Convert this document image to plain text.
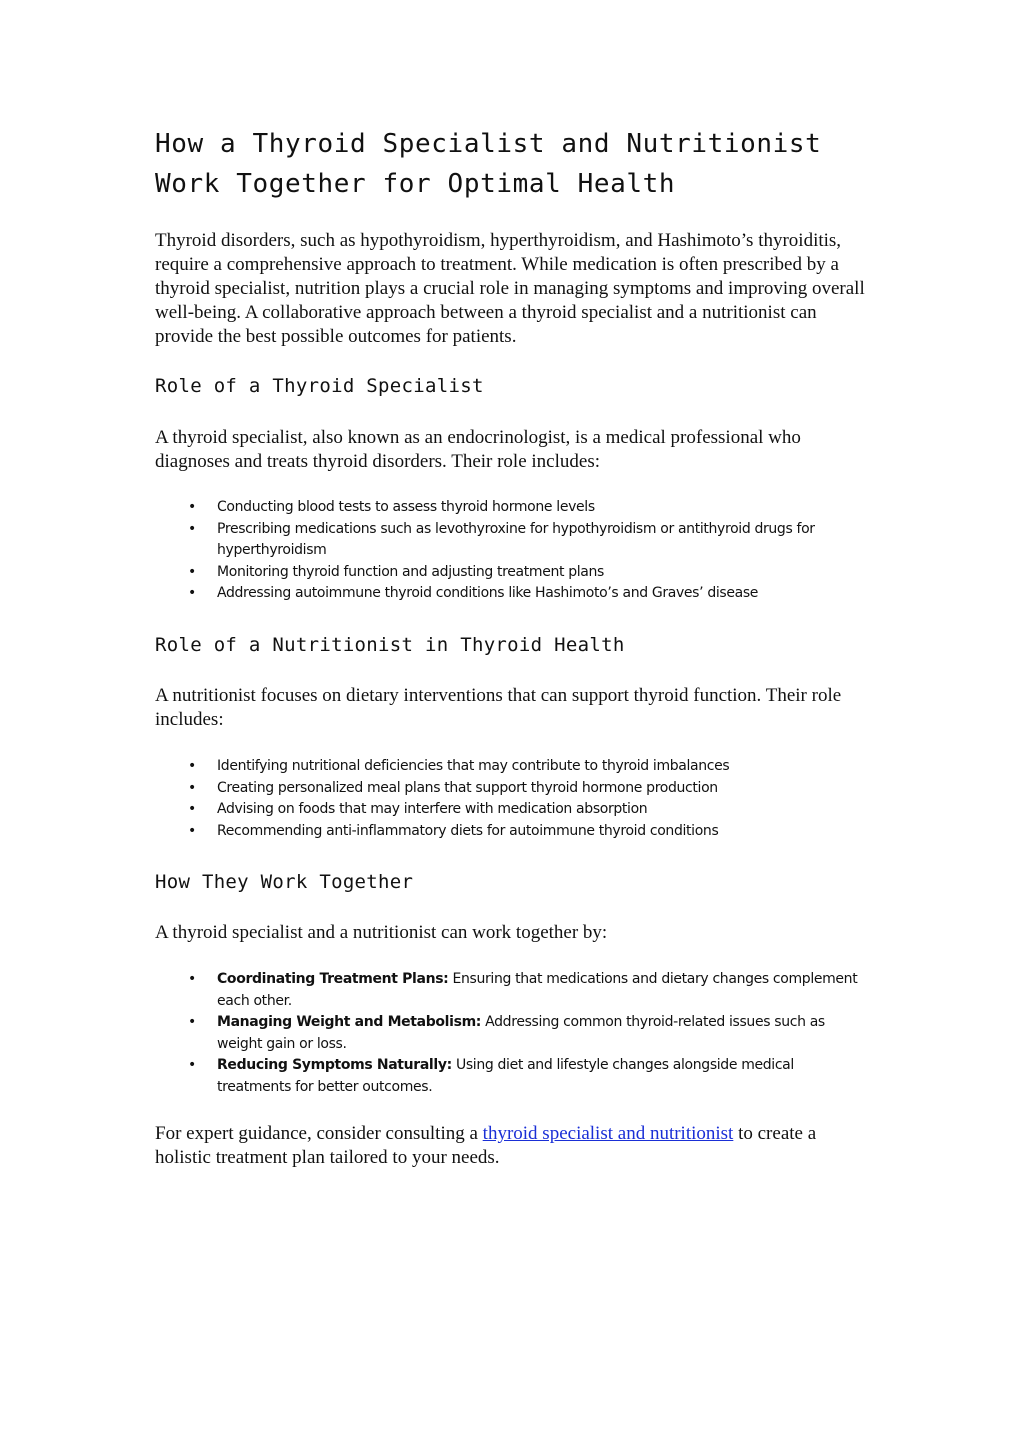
How a Thyroid Specialist and Nutritionist
Work Together for Optimal Health

Thyroid disorders, such as hypothyroidism, hyperthyroidism, and Hashimoto’s thyroiditis, require a comprehensive approach to treatment. While medication is often prescribed by a thyroid specialist, nutrition plays a crucial role in managing symptoms and improving overall well-being. A collaborative approach between a thyroid specialist and a nutritionist can provide the best possible outcomes for patients.

Role of a Thyroid Specialist

A thyroid specialist, also known as an endocrinologist, is a medical professional who diagnoses and treats thyroid disorders. Their role includes:

• Conducting blood tests to assess thyroid hormone levels
• Prescribing medications such as levothyroxine for hypothyroidism or antithyroid drugs for hyperthyroidism
• Monitoring thyroid function and adjusting treatment plans
• Addressing autoimmune thyroid conditions like Hashimoto’s and Graves’ disease
Role of a Nutritionist in Thyroid Health

A nutritionist focuses on dietary interventions that can support thyroid function. Their role includes:

• Identifying nutritional deficiencies that may contribute to thyroid imbalances
• Creating personalized meal plans that support thyroid hormone production
• Advising on foods that may interfere with medication absorption
• Recommending anti-inflammatory diets for autoimmune thyroid conditions
How They Work Together

A thyroid specialist and a nutritionist can work together by:

• Coordinating Treatment Plans: Ensuring that medications and dietary changes complement each other.
• Managing Weight and Metabolism: Addressing common thyroid-related issues such as weight gain or loss.
• Reducing Symptoms Naturally: Using diet and lifestyle changes alongside medical treatments for better outcomes.

For expert guidance, consider consulting a thyroid specialist and nutritionist to create a holistic treatment plan tailored to your needs.
